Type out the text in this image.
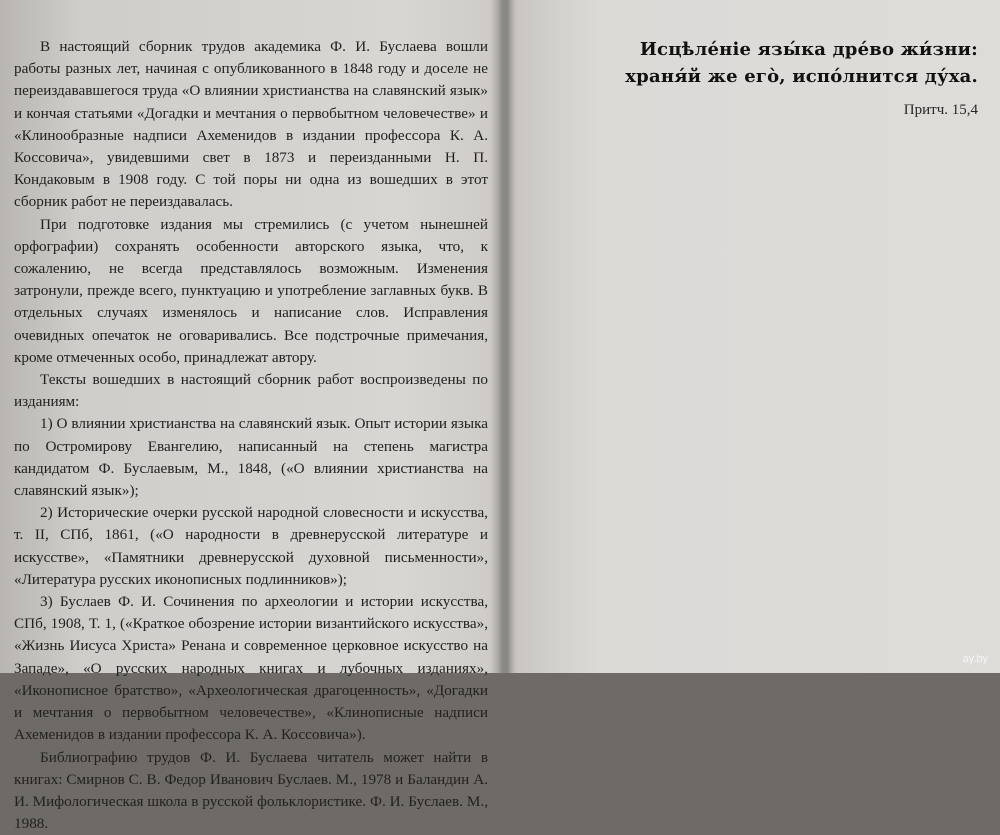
В настоящий сборник трудов академика Ф. И. Буслаева вошли работы разных лет, начиная с опубликованного в 1848 году и доселе не переиздававшегося труда «О влиянии христианства на славянский язык» и кончая статьями «Догадки и мечтания о первобытном человечестве» и «Клинообразные надписи Ахеменидов в издании профессора К. А. Коссовича», увидевшими свет в 1873 и переизданными Н. П. Кондаковым в 1908 году. С той поры ни одна из вошедших в этот сборник работ не переиздавалась.

При подготовке издания мы стремились (с учетом нынешней орфографии) сохранять особенности авторского языка, что, к сожалению, не всегда представлялось возможным. Изменения затронули, прежде всего, пунктуацию и употребление заглавных букв. В отдельных случаях изменялось и написание слов. Исправления очевидных опечаток не оговаривались. Все подстрочные примечания, кроме отмеченных особо, принадлежат автору.

Тексты вошедших в настоящий сборник работ воспроизведены по изданиям:

1) О влиянии христианства на славянский язык. Опыт истории языка по Остромирову Евангелию, написанный на степень магистра кандидатом Ф. Буслаевым, М., 1848, («О влиянии христианства на славянский язык»);

2) Исторические очерки русской народной словесности и искусства, т. II, СПб, 1861, («О народности в древнерусской литературе и искусстве», «Памятники древнерусской духовной письменности», «Литература русских иконописных подлинников»);

3) Буслаев Ф. И. Сочинения по археологии и истории искусства, СПб, 1908, Т. 1, («Краткое обозрение истории византийского искусства», «Жизнь Иисуса Христа» Ренана и современное церковное искусство на Западе», «О русских народных книгах и лубочных изданиях», «Иконописное братство», «Археологическая драгоценность», «Догадки и мечтания о первобытном человечестве», «Клинописные надписи Ахеменидов в издании профессора К. А. Коссовича»).

Библиографию трудов Ф. И. Буслаева читатель может найти в книгах: Смирнов С. В. Федор Иванович Буслаев. М., 1978 и Баландин А. И. Мифологическая школа в русской фольклористике. Ф. И. Буслаев. М., 1988.

Исцѣле́ніе язы́ка дре́во жи́зни:
храня́й же его̀, испо́лнится ду́ха.
Притч. 15,4
ay.by
